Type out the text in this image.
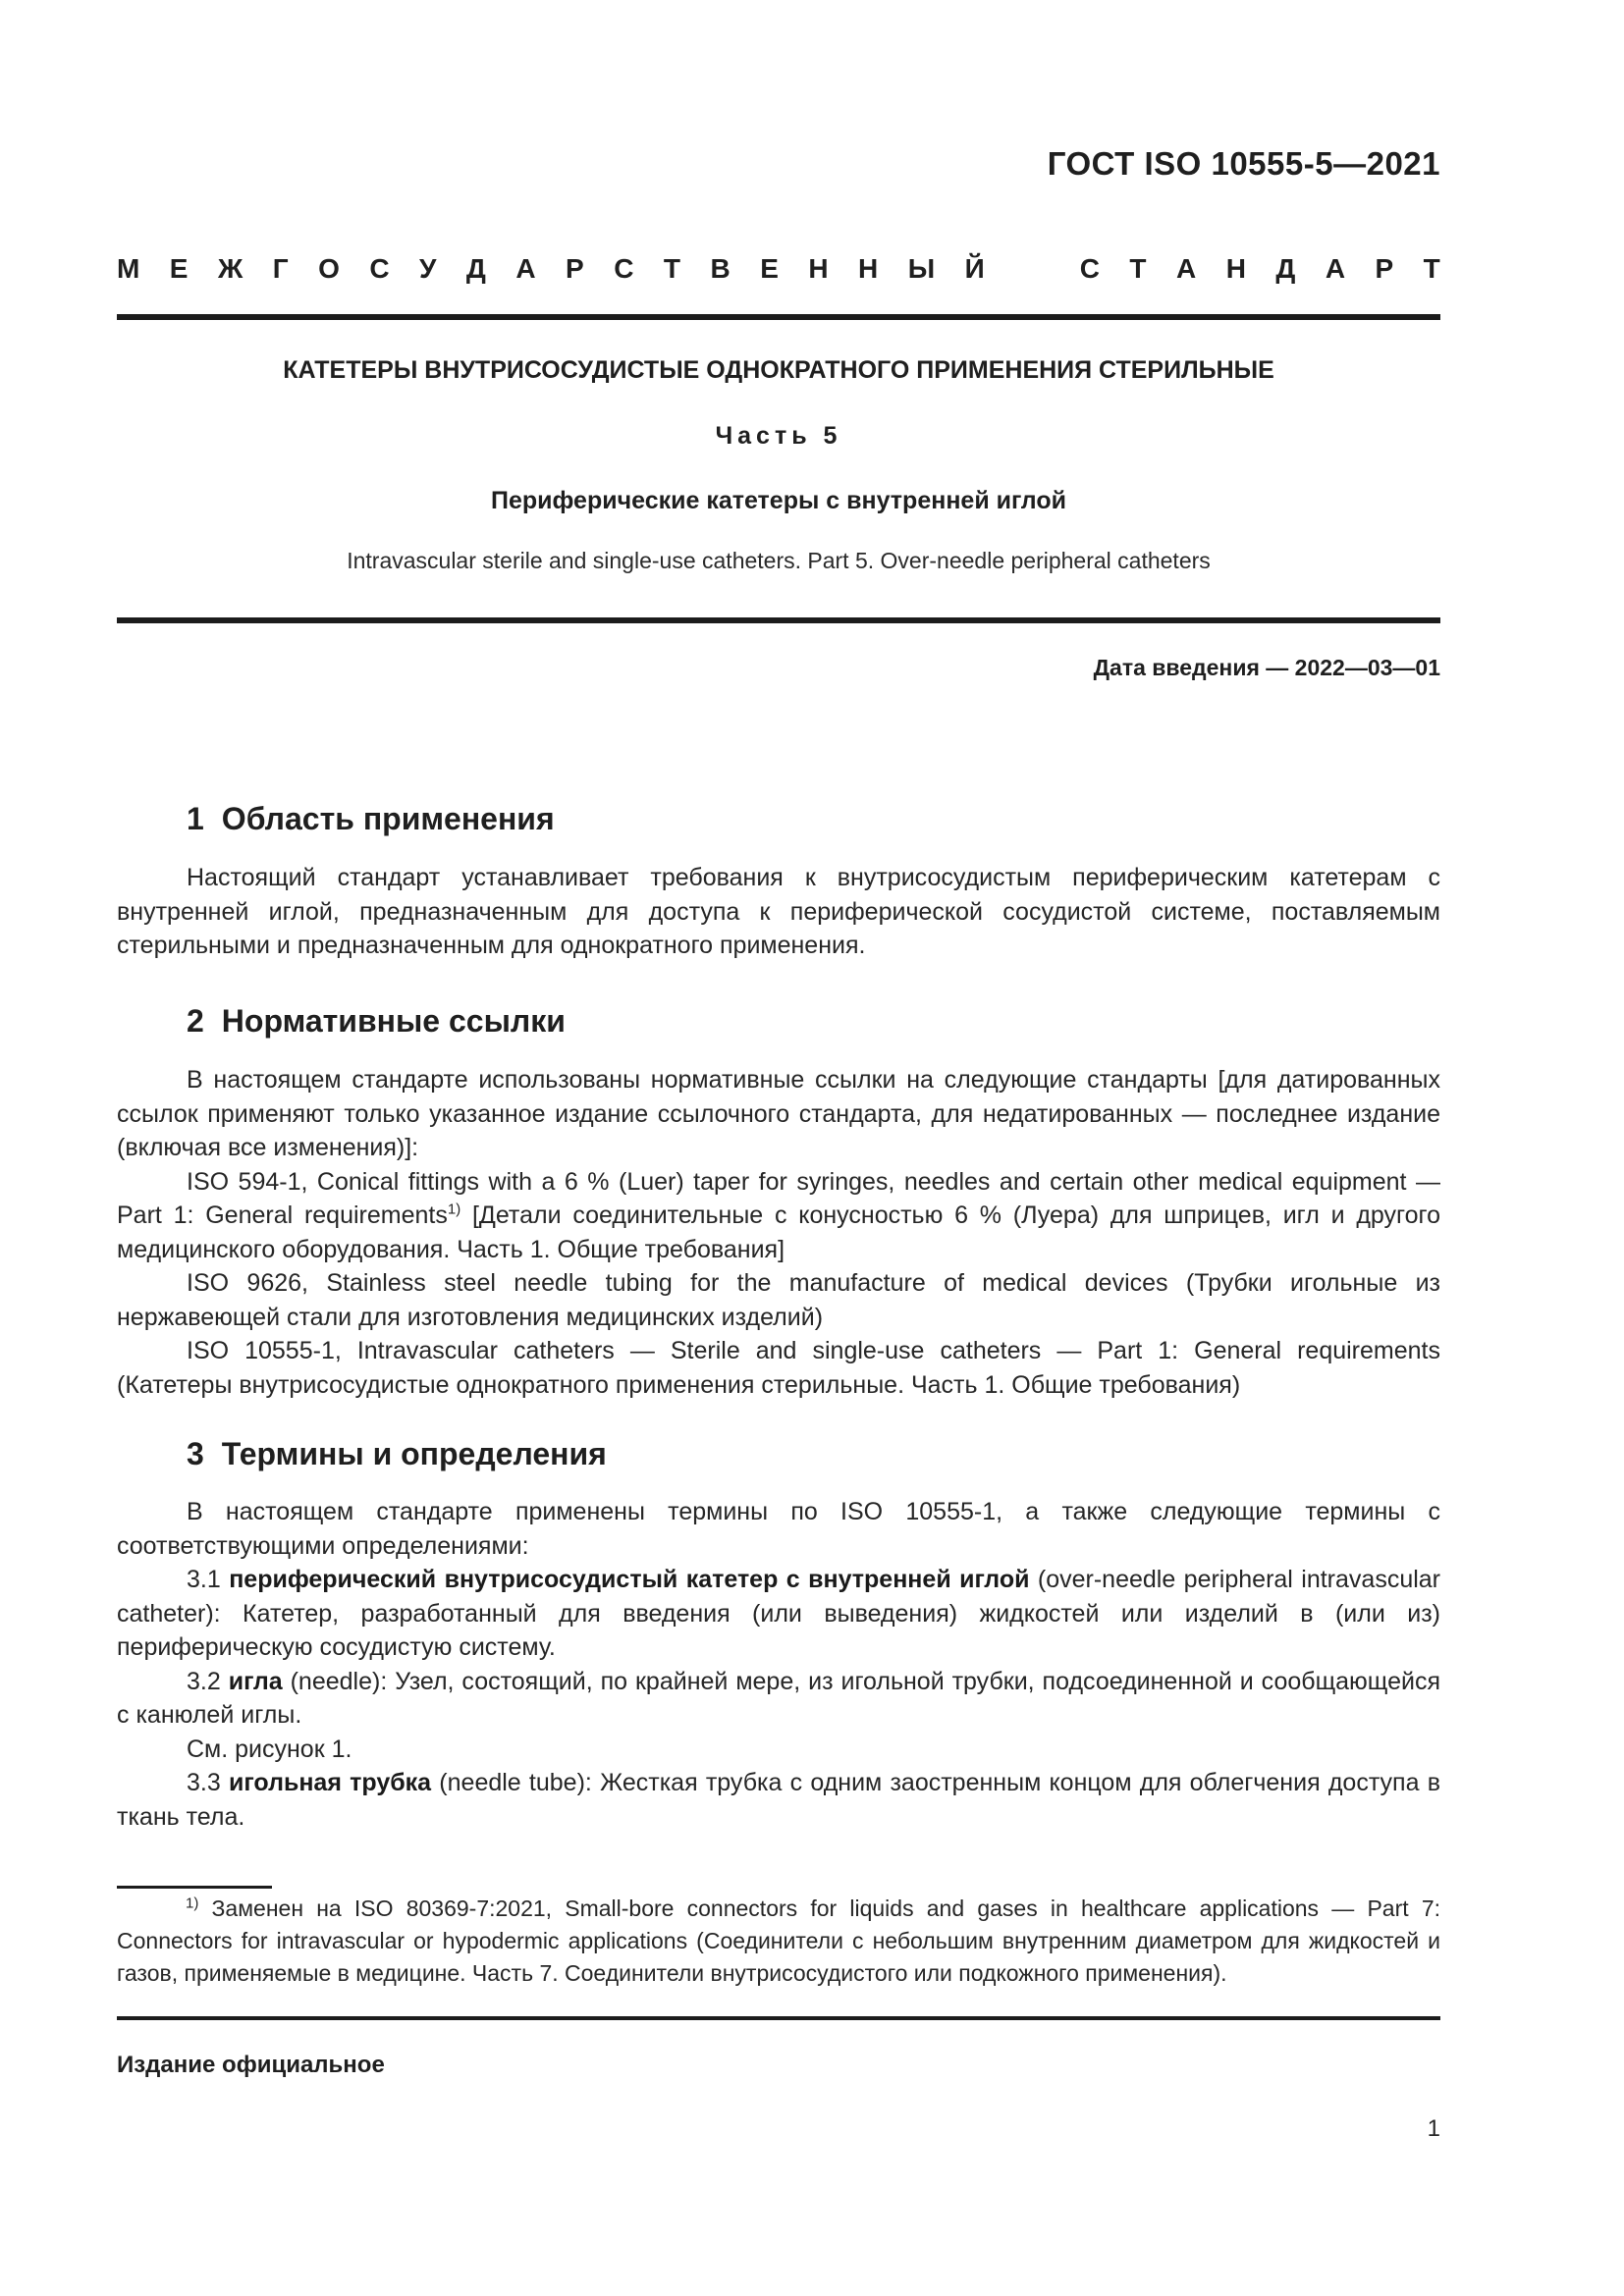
ГОСТ ISO 10555-5—2021
М Е Ж Г О С У Д А Р С Т В Е Н Н Ы Й	С Т А Н Д А Р Т
КАТЕТЕРЫ ВНУТРИСОСУДИСТЫЕ ОДНОКРАТНОГО ПРИМЕНЕНИЯ СТЕРИЛЬНЫЕ
Часть 5
Периферические катетеры с внутренней иглой
Intravascular sterile and single-use catheters. Part 5. Over-needle peripheral catheters
Дата введения — 2022—03—01
1 Область применения

Настоящий стандарт устанавливает требования к внутрисосудистым периферическим катетерам с внутренней иглой, предназначенным для доступа к периферической сосудистой системе, поставляемым стерильными и предназначенным для однократного применения.

2 Нормативные ссылки

В настоящем стандарте использованы нормативные ссылки на следующие стандарты [для датированных ссылок применяют только указанное издание ссылочного стандарта, для недатированных — последнее издание (включая все изменения)]:

ISO 594-1, Conical fittings with a 6 % (Luer) taper for syringes, needles and certain other medical equipment — Part 1: General requirements$^{1)}$ [Детали соединительные с конусностью 6 % (Луера) для шприцев, игл и другого медицинского оборудования. Часть 1. Общие требования]

ISO 9626, Stainless steel needle tubing for the manufacture of medical devices (Трубки игольные из нержавеющей стали для изготовления медицинских изделий)

ISO 10555-1, Intravascular catheters — Sterile and single-use catheters — Part 1: General requirements (Катетеры внутрисосудистые однократного применения стерильные. Часть 1. Общие требования)

3 Термины и определения

В настоящем стандарте применены термины по ISO 10555-1, а также следующие термины с соответствующими определениями:

3.1 периферический внутрисосудистый катетер с внутренней иглой (over-needle peripheral intravascular catheter): Катетер, разработанный для введения (или выведения) жидкостей или изделий в (или из) периферическую сосудистую систему.

3.2 игла (needle): Узел, состоящий, по крайней мере, из игольной трубки, подсоединенной и сообщающейся с канюлей иглы.

См. рисунок 1.

3.3 игольная трубка (needle tube): Жесткая трубка с одним заостренным концом для облегчения доступа в ткань тела.

$^{1)}$ Заменен на ISO 80369-7:2021, Small-bore connectors for liquids and gases in healthcare applications — Part 7: Connectors for intravascular or hypodermic applications (Соединители с небольшим внутренним диаметром для жидкостей и газов, применяемые в медицине. Часть 7. Соединители внутрисосудистого или подкожного применения).
Издание официальное
1
